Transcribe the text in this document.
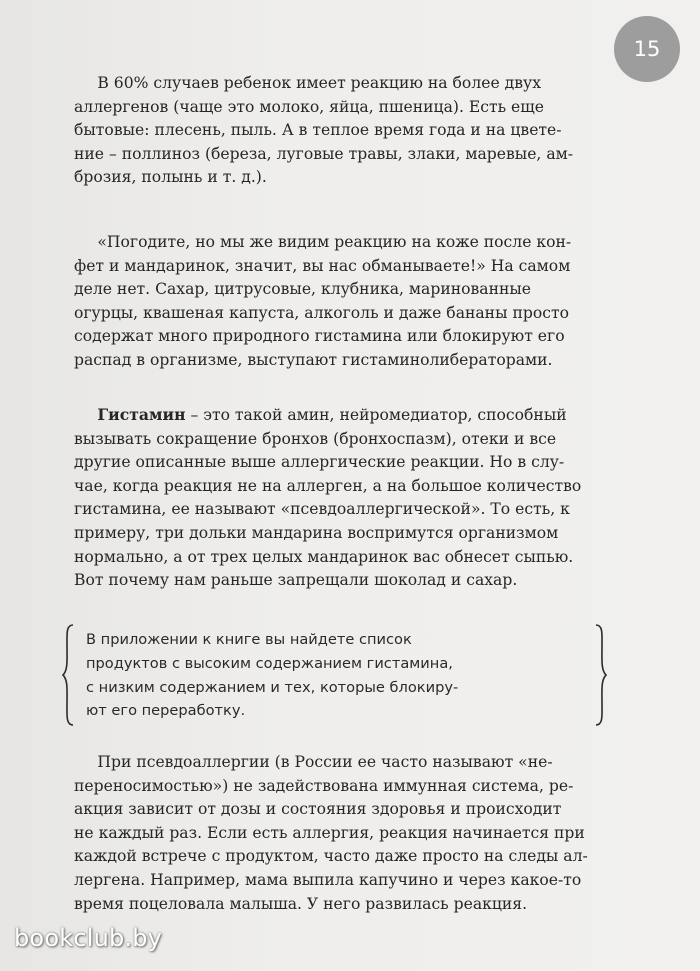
15

В 60% случаев ребенок имеет реакцию на более двух

аллергенов (чаще это молоко, яйца, пшеница). Есть еще

бытовые: плесень, пыль. А в теплое время года и на цвете-

ние – поллиноз (береза, луговые травы, злаки, маревые, ам-

брозия, полынь и т. д.).

«Погодите, но мы же видим реакцию на коже после кон-

фет и мандаринок, значит, вы нас обманываете!» На самом

деле нет. Сахар, цитрусовые, клубника, маринованные

огурцы, квашеная капуста, алкоголь и даже бананы просто

содержат много природного гистамина или блокируют его

распад в организме, выступают гистаминолибераторами.

Гистамин – это такой амин, нейромедиатор, способный

вызывать сокращение бронхов (бронхоспазм), отеки и все

другие описанные выше аллергические реакции. Но в слу-

чае, когда реакция не на аллерген, а на большое количество

гистамина, ее называют «псевдоаллергической». То есть, к

примеру, три дольки мандарина воспримутся организмом

нормально, а от трех целых мандаринок вас обнесет сыпью.

Вот почему нам раньше запрещали шоколад и сахар.

В приложении к книге вы найдете список

продуктов с высоким содержанием гистамина,

с низким содержанием и тех, которые блокиру-

ют его переработку.

При псевдоаллергии (в России ее часто называют «не-

переносимостью») не задействована иммунная система, ре-

акция зависит от дозы и состояния здоровья и происходит

не каждый раз. Если есть аллергия, реакция начинается при

каждой встрече с продуктом, часто даже просто на следы ал-

лергена. Например, мама выпила капучино и через какое-то

время поцеловала малыша. У него развилась реакция.

bookclub.by
